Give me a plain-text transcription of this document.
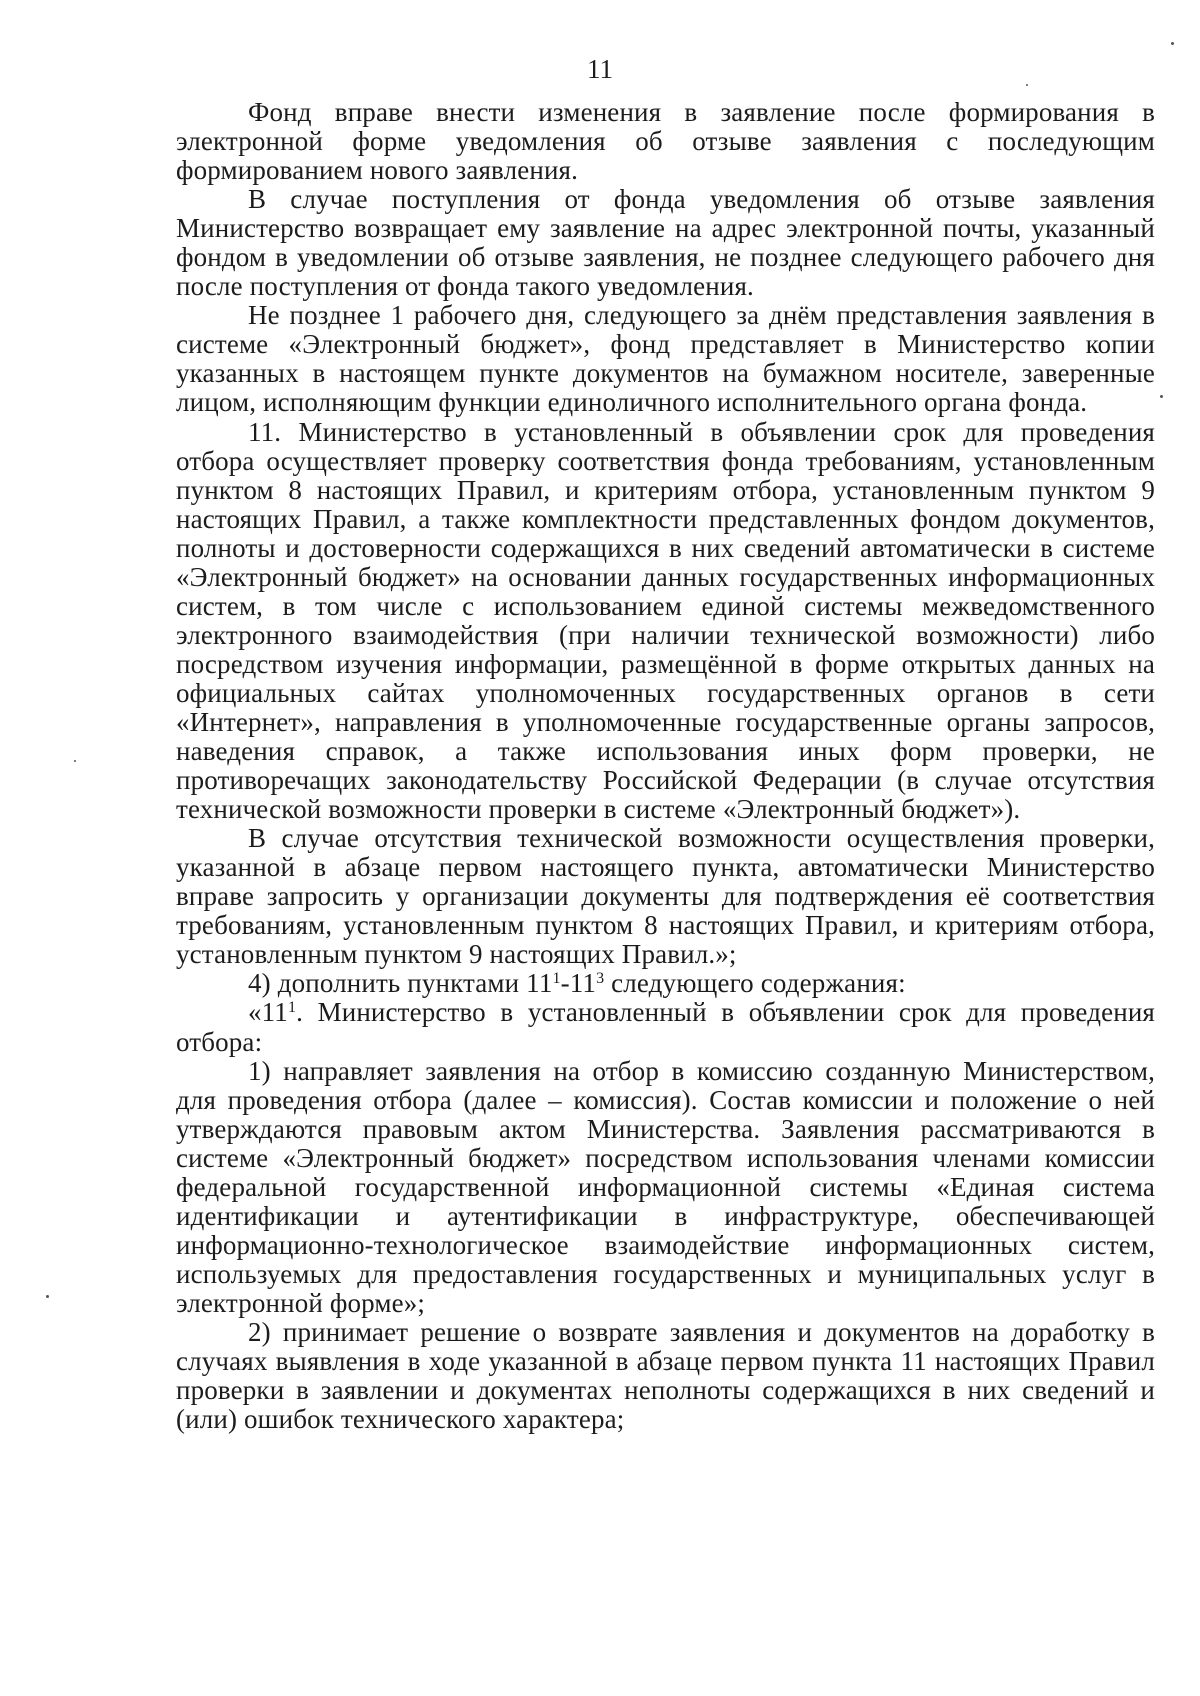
11

Фонд вправе внести изменения в заявление после формирования в электронной форме уведомления об отзыве заявления с последующим формированием нового заявления.

В случае поступления от фонда уведомления об отзыве заявления Министерство возвращает ему заявление на адрес электронной почты, указанный фондом в уведомлении об отзыве заявления, не позднее следующего рабочего дня после поступления от фонда такого уведомления.

Не позднее 1 рабочего дня, следующего за днём представления заявления в системе «Электронный бюджет», фонд представляет в Министерство копии указанных в настоящем пункте документов на бумажном носителе, заверенные лицом, исполняющим функции единоличного исполнительного органа фонда.

11. Министерство в установленный в объявлении срок для проведения отбора осуществляет проверку соответствия фонда требованиям, установленным пунктом 8 настоящих Правил, и критериям отбора, установленным пунктом 9 настоящих Правил, а также комплектности представленных фондом документов, полноты и достоверности содержащихся в них сведений автоматически в системе «Электронный бюджет» на основании данных государственных информационных систем, в том числе с использованием единой системы межведомственного электронного взаимодействия (при наличии технической возможности) либо посредством изучения информации, размещённой в форме открытых данных на официальных сайтах уполномоченных государственных органов в сети «Интернет», направления в уполномоченные государственные органы запросов, наведения справок, а также использования иных форм проверки, не противоречащих законодательству Российской Федерации (в случае отсутствия технической возможности проверки в системе «Электронный бюджет»).

В случае отсутствия технической возможности осуществления проверки, указанной в абзаце первом настоящего пункта, автоматически Министерство вправе запросить у организации документы для подтверждения её соответствия требованиям, установленным пунктом 8 настоящих Правил, и критериям отбора, установленным пунктом 9 настоящих Правил.»;

4) дополнить пунктами $11^1-11^3$ следующего содержания:

«$11^1$. Министерство в установленный в объявлении срок для проведения отбора:

1) направляет заявления на отбор в комиссию созданную Министерством, для проведения отбора (далее – комиссия). Состав комиссии и положение о ней утверждаются правовым актом Министерства. Заявления рассматриваются в системе «Электронный бюджет» посредством использования членами комиссии федеральной государственной информационной системы «Единая система идентификации и аутентификации в инфраструктуре, обеспечивающей информационно-технологическое взаимодействие информационных систем, используемых для предоставления государственных и муниципальных услуг в электронной форме»;

2) принимает решение о возврате заявления и документов на доработку в случаях выявления в ходе указанной в абзаце первом пункта 11 настоящих Правил проверки в заявлении и документах неполноты содержащихся в них сведений и (или) ошибок технического характера;
